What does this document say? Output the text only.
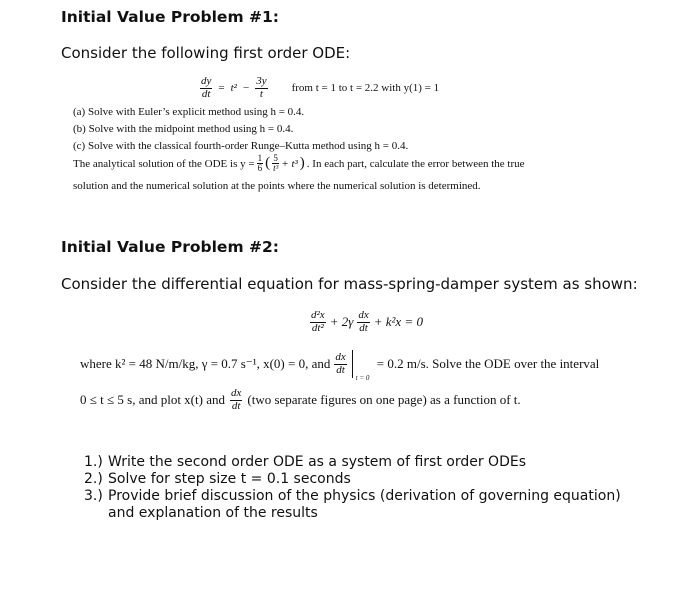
Initial Value Problem #1:
Consider the following first order ODE:
$\frac{dy}{dt} = t^2 - \frac{3y}{t}$ from t = 1 to t = 2.2 with y(1) = 1
(a) Solve with Euler’s explicit method using h = 0.4.
(b) Solve with the midpoint method using h = 0.4.
(c) Solve with the classical fourth-order Runge–Kutta method using h = 0.4.
The analytical solution of the ODE is $y = \frac{1}{6}$ ( $\frac{5}{\text{t³}} + t^3$ ) . In each part, calculate the error between the true
solution and the numerical solution at the points where the numerical solution is determined.
Initial Value Problem #2:
Consider the differential equation for mass-spring-damper system as shown:
$\frac{\text{d²x}}{\text{dt²}} + 2\gamma \frac{dx}{dt} + k^2x = 0$
where k² = 48 N/m/kg, γ = 0.7 s⁻¹, x(0) = 0, and $\frac{dx}{dt}$
t = 0
= 0.2 m/s. Solve the ODE over the interval
0 ≤ t ≤ 5 s, and plot x(t) and $\frac{dx}{dt} (two$ separate figures on one page) as a function of t.
1.) Write the second order ODE as a system of first order ODEs
2.) Solve for step size t = 0.1 seconds
3.) Provide brief discussion of the physics (derivation of governing equation)
and explanation of the results
